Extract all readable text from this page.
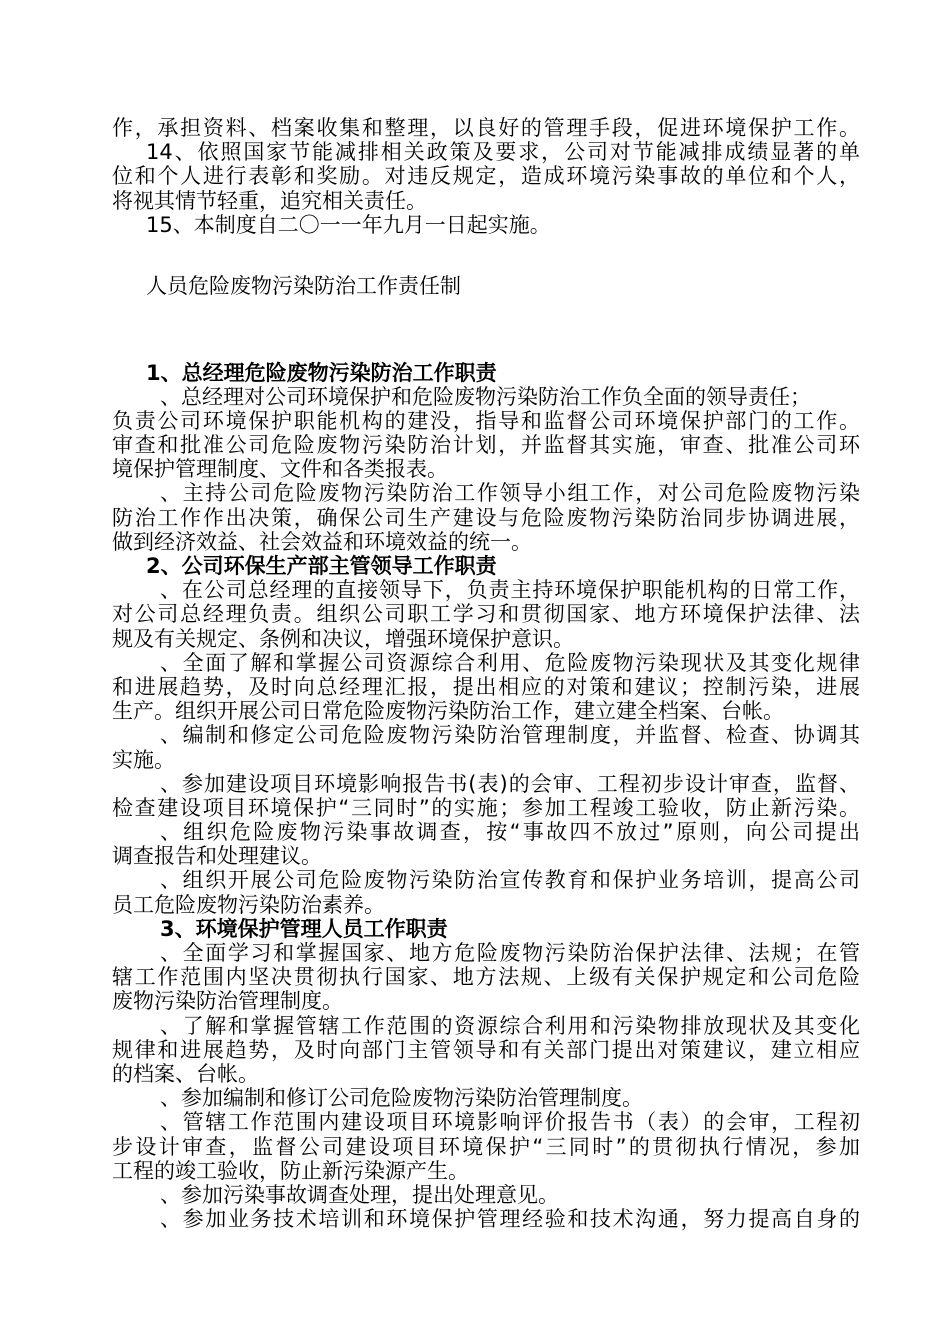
作，承担资料、档案收集和整理，以良好的管理手段，促进环境保护工作。
14、依照国家节能减排相关政策及要求，公司对节能减排成绩显著的单
位和个人进行表彰和奖励。对违反规定，造成环境污染事故的单位和个人，
将视其情节轻重，追究相关责任。
15、本制度自二〇一一年九月一日起实施。
人员危险废物污染防治工作责任制
1、总经理危险废物污染防治工作职责
、总经理对公司环境保护和危险废物污染防治工作负全面的领导责任；
负责公司环境保护职能机构的建没，指导和监督公司环境保护部门的工作。
审查和批准公司危险废物污染防治计划，并监督其实施，审查、批准公司环
境保护管理制度、文件和各类报表。
、主持公司危险废物污染防治工作领导小组工作，对公司危险废物污染
防治工作作出决策，确保公司生产建设与危险废物污染防治同步协调进展，
做到经济效益、社会效益和环境效益的统一。
2、公司环保生产部主管领导工作职责
、在公司总经理的直接领导下，负责主持环境保护职能机构的日常工作，
对公司总经理负责。组织公司职工学习和贯彻国家、地方环境保护法律、法
规及有关规定、条例和决议，增强环境保护意识。
、全面了解和掌握公司资源综合利用、危险废物污染现状及其变化规律
和进展趋势，及时向总经理汇报，提出相应的对策和建议；控制污染，进展
生产。组织开展公司日常危险废物污染防治工作，建立建全档案、台帐。
、编制和修定公司危险废物污染防治管理制度，并监督、检查、协调其
实施。
、参加建设项目环境影响报告书(表)的会审、工程初步设计审查，监督、
检查建设项目环境保护“三同时”的实施；参加工程竣工验收，防止新污染。
、组织危险废物污染事故调查，按“事故四不放过”原则，向公司提出
调查报告和处理建议。
、组织开展公司危险废物污染防治宣传教育和保护业务培训，提高公司
员工危险废物污染防治素养。
3、环境保护管理人员工作职责
、全面学习和掌握国家、地方危险废物污染防治保护法律、法规；在管
辖工作范围内坚决贯彻执行国家、地方法规、上级有关保护规定和公司危险
废物污染防治管理制度。
、了解和掌握管辖工作范围的资源综合利用和污染物排放现状及其变化
规律和进展趋势，及时向部门主管领导和有关部门提出对策建议，建立相应
的档案、台帐。
、参加编制和修订公司危险废物污染防治管理制度。
、管辖工作范围内建设项目环境影响评价报告书（表）的会审，工程初
步设计审查，监督公司建设项目环境保护“三同时”的贯彻执行情况，参加
工程的竣工验收，防止新污染源产生。
、参加污染事故调查处理，提出处理意见。
、参加业务技术培训和环境保护管理经验和技术沟通，努力提高自身的
